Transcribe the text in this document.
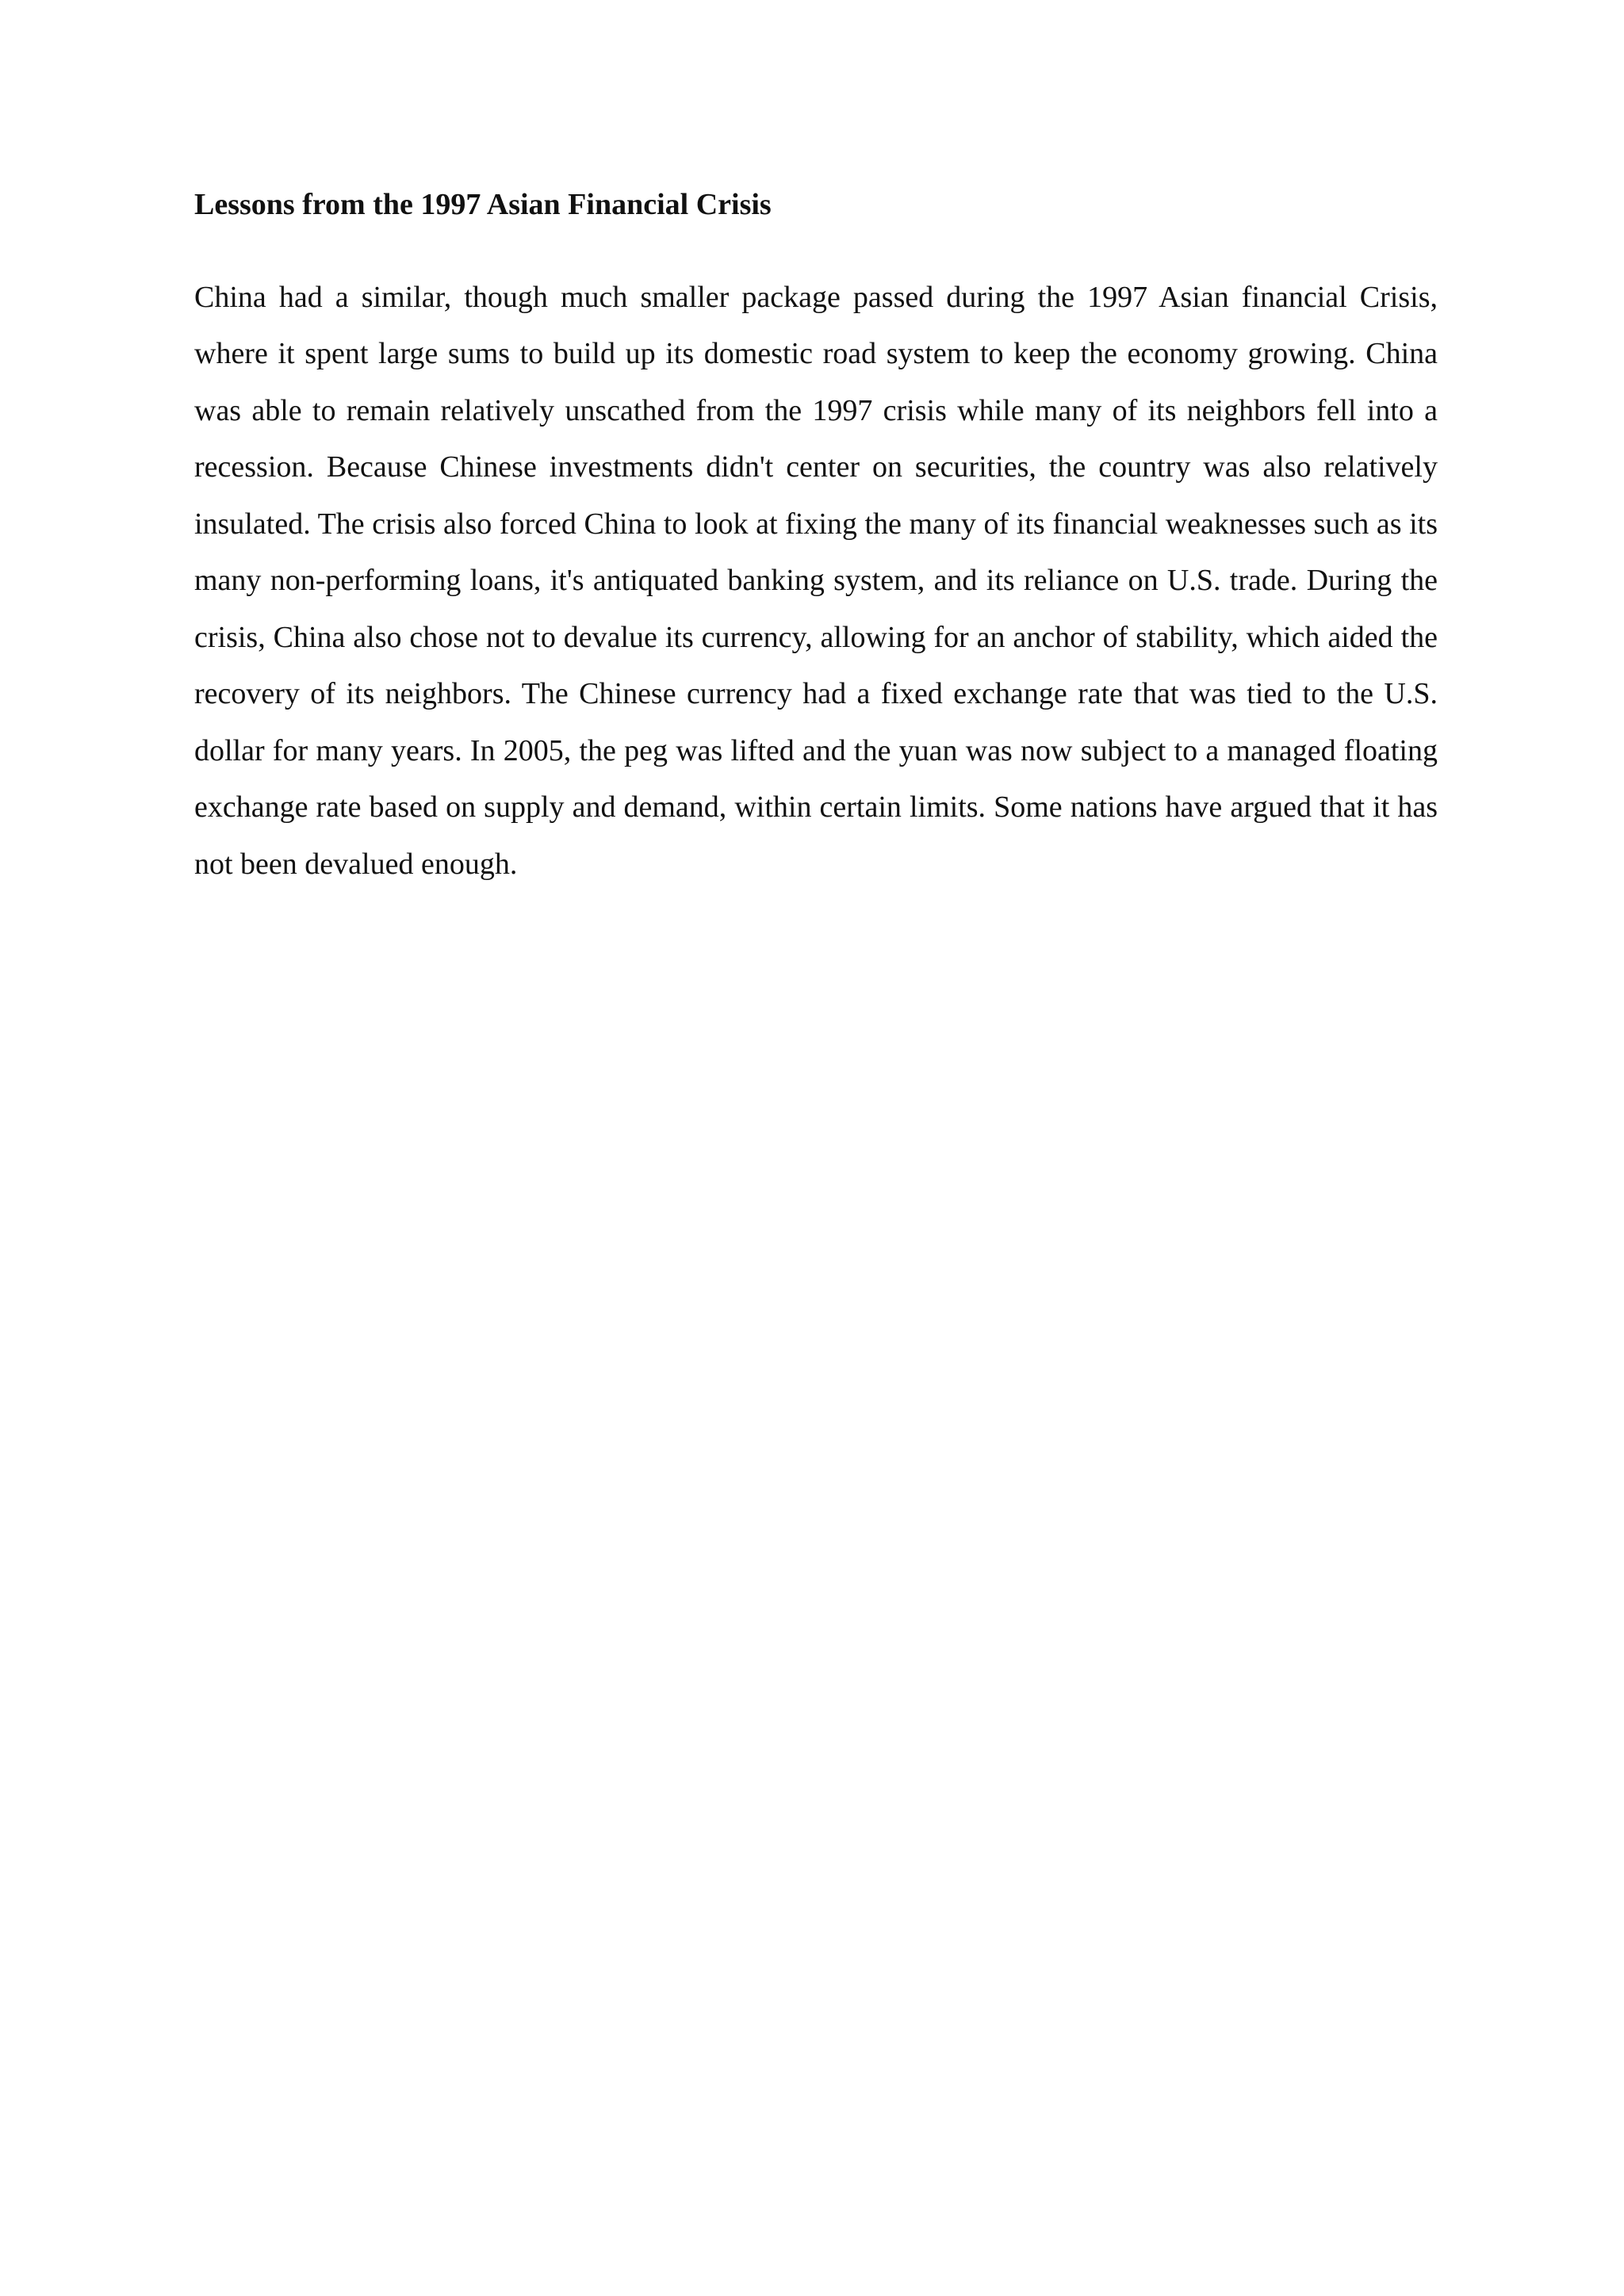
Lessons from the 1997 Asian Financial Crisis

China had a similar, though much smaller package passed during the 1997 Asian financial Crisis, where it spent large sums to build up its domestic road system to keep the economy growing. China was able to remain relatively unscathed from the 1997 crisis while many of its neighbors fell into a recession. Because Chinese investments didn't center on securities, the country was also relatively insulated. The crisis also forced China to look at fixing the many of its financial weaknesses such as its many non-performing loans, it's antiquated banking system, and its reliance on U.S. trade. During the crisis, China also chose not to devalue its currency, allowing for an anchor of stability, which aided the recovery of its neighbors. The Chinese currency had a fixed exchange rate that was tied to the U.S. dollar for many years. In 2005, the peg was lifted and the yuan was now subject to a managed floating exchange rate based on supply and demand, within certain limits. Some nations have argued that it has not been devalued enough.
